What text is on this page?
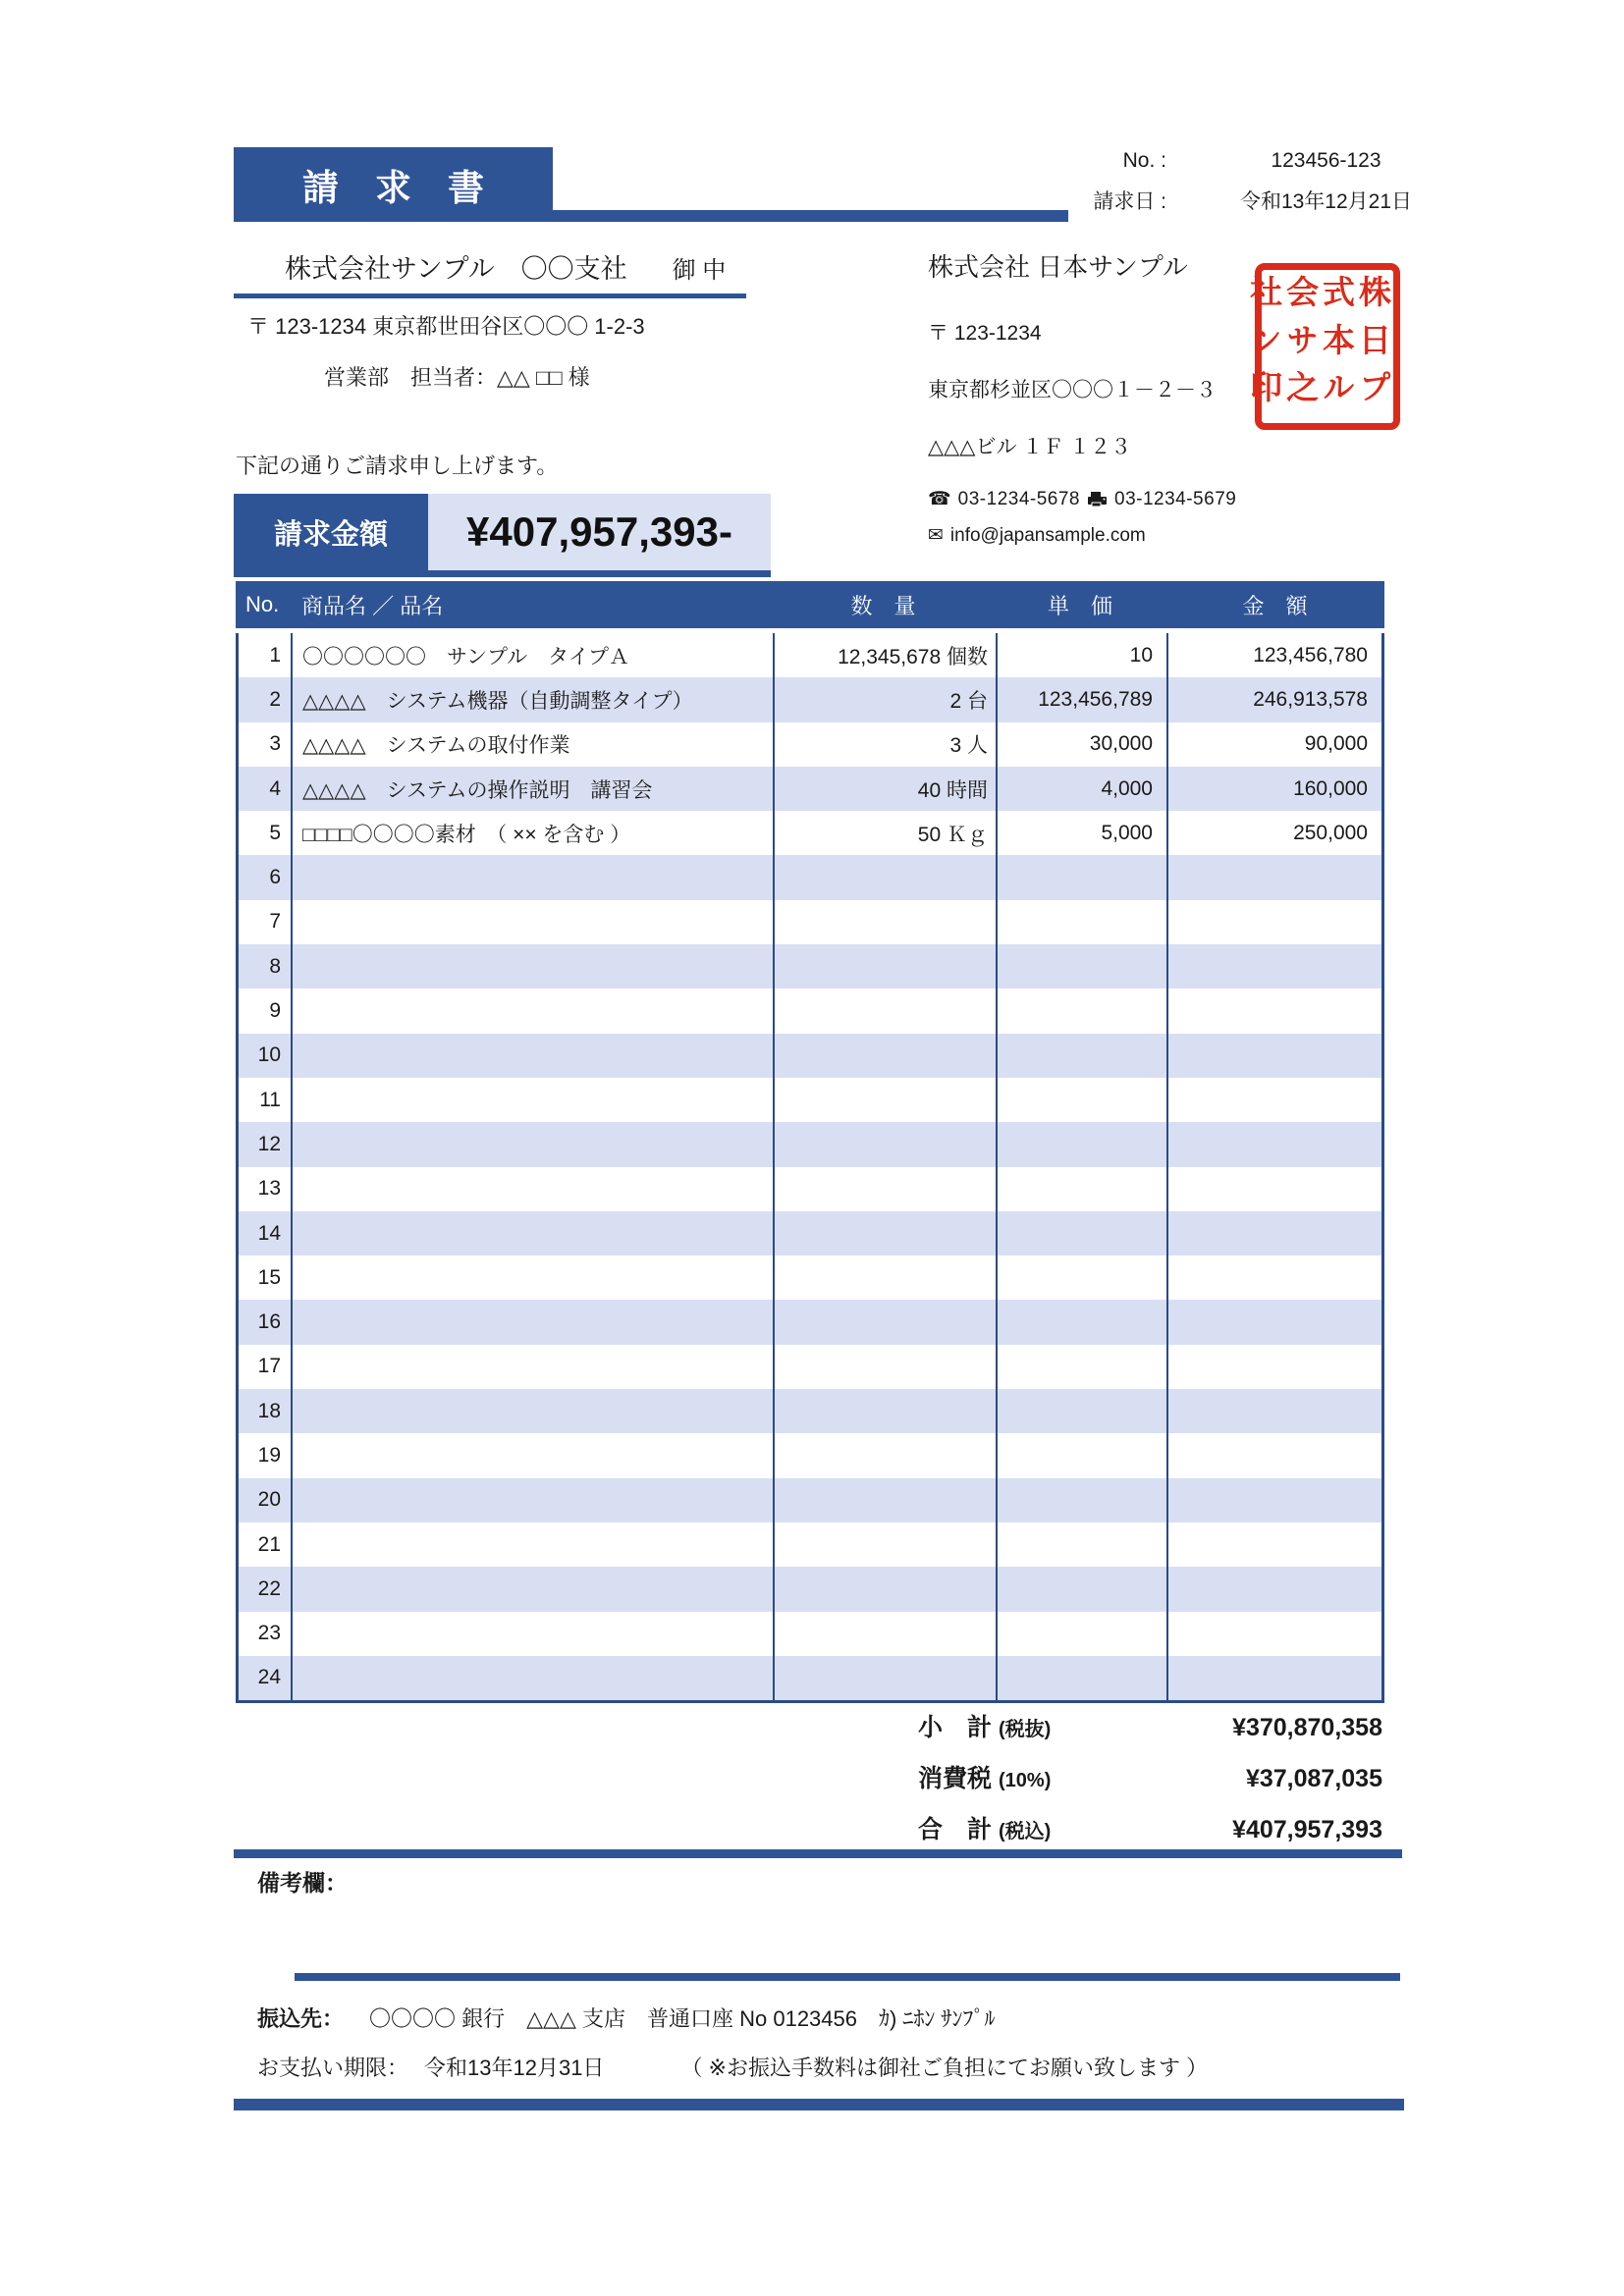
請　求　書
No. :	123456-123
請求日 :	令和13年12月21日
株式会社サンプル　〇〇支社 御 中
〒 123-1234 東京都世田谷区〇〇〇 1-2-3
営業部　担当者：△△ □□ 様
株式会社 日本サンプル
〒 123-1234
東京都杉並区〇〇〇１－２－３
△△△ビル １Ｆ １２３
☎ 03-1234-5678 03-1234-5679
✉ info@japansample.com
株式会社
日本サン
プル之印
下記の通りご請求申し上げます。
請求金額 ¥407,957,393-
No.	商品名 ／ 品名	数　量	単　価	金　額
1	〇〇〇〇〇〇　サンプル　タイプＡ	12,345,678 個数	10	123,456,780
2	△△△△　システム機器（自動調整タイプ）	2 台	123,456,789	246,913,578
3	△△△△　システムの取付作業	3 人	30,000	90,000
4	△△△△　システムの操作説明　講習会	40 時間	4,000	160,000
5	□□□□〇〇〇〇素材　（ ×× を含む ）	50 Ｋｇ	5,000	250,000
6
7
8
9
10
11
12
13
14
15
16
17
18
19
20
21
22
23
24
小　計 (税抜)	¥370,870,358
消費税 (10%)	¥37,087,035
合　計 (税込)	¥407,957,393
備考欄：
振込先： 〇〇〇〇 銀行　△△△ 支店　普通口座 No 0123456　ｶ) ﾆﾎﾝ ｻﾝﾌﾟﾙ
お支払い期限： 令和13年12月31日	（ ※お振込手数料は御社ご負担にてお願い致します ）
